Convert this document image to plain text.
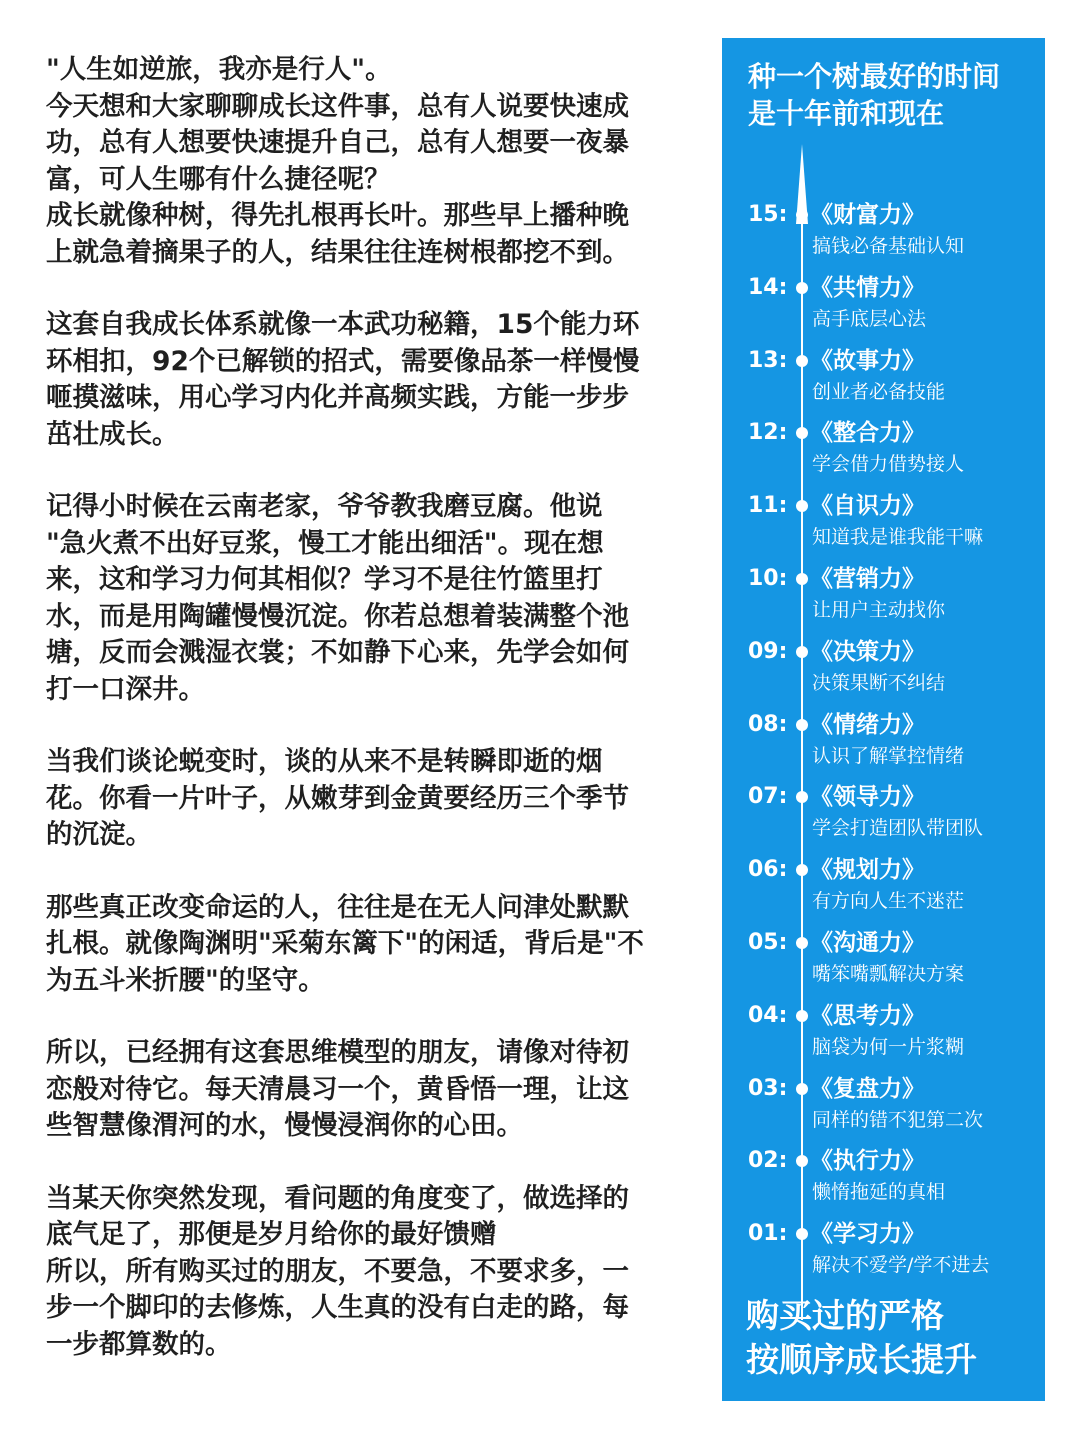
"人生如逆旅，我亦是行人"。
今天想和大家聊聊成长这件事，总有人说要快速成
功，总有人想要快速提升自己，总有人想要一夜暴
富，可人生哪有什么捷径呢？
成长就像种树，得先扎根再长叶。那些早上播种晚
上就急着摘果子的人，结果往往连树根都挖不到。

这套自我成长体系就像一本武功秘籍，15个能力环
环相扣，92个已解锁的招式，需要像品茶一样慢慢
咂摸滋味，用心学习内化并高频实践，方能一步步
茁壮成长。

记得小时候在云南老家，爷爷教我磨豆腐。他说
"急火煮不出好豆浆，慢工才能出细活"。现在想
来，这和学习力何其相似？学习不是往竹篮里打
水，而是用陶罐慢慢沉淀。你若总想着装满整个池
塘，反而会溅湿衣裳；不如静下心来，先学会如何
打一口深井。

当我们谈论蜕变时，谈的从来不是转瞬即逝的烟
花。你看一片叶子，从嫩芽到金黄要经历三个季节
的沉淀。

那些真正改变命运的人，往往是在无人问津处默默
扎根。就像陶渊明"采菊东篱下"的闲适，背后是"不
为五斗米折腰"的坚守。

所以，已经拥有这套思维模型的朋友，请像对待初
恋般对待它。每天清晨习一个，黄昏悟一理，让这
些智慧像渭河的水，慢慢浸润你的心田。

当某天你突然发现，看问题的角度变了，做选择的
底气足了，那便是岁月给你的最好馈赠
所以，所有购买过的朋友，不要急，不要求多，一
步一个脚印的去修炼，人生真的没有白走的路，每
一步都算数的。

种一个树最好的时间
是十年前和现在
15: 《财富力》
搞钱必备基础认知
14: 《共情力》
高手底层心法
13: 《故事力》
创业者必备技能
12: 《整合力》
学会借力借势接人
11: 《自识力》
知道我是谁我能干嘛
10: 《营销力》
让用户主动找你
09: 《决策力》
决策果断不纠结
08: 《情绪力》
认识了解掌控情绪
07: 《领导力》
学会打造团队带团队
06: 《规划力》
有方向人生不迷茫
05: 《沟通力》
嘴笨嘴瓢解决方案
04: 《思考力》
脑袋为何一片浆糊
03: 《复盘力》
同样的错不犯第二次
02: 《执行力》
懒惰拖延的真相
01: 《学习力》
解决不爱学/学不进去
购买过的严格
按顺序成长提升
